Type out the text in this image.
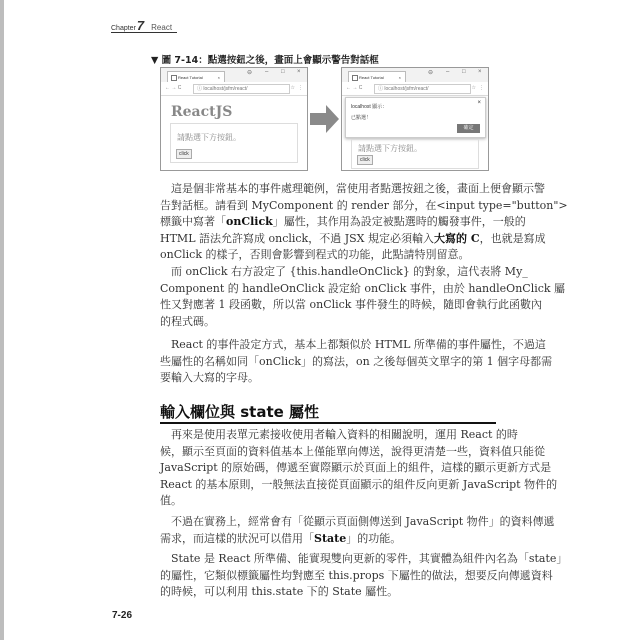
Chapter7 React
▼ 圖 7-14：點選按鈕之後，畫面上會顯示警告對話框
React Tutorial	×
⊖ – □ ×
← → C	ⓘ localhost/jsfm/react/	☆ ⋮
ReactJS
請點選下方按鈕。
click
React Tutorial	×
⊖ – □ ×
← → C	ⓘ localhost/jsfm/react/	☆ ⋮
localhost 顯示：
×
已點選！
確定
請點選下方按鈕。
click
　這是個非常基本的事件處理範例，當使用者點選按鈕之後，畫面上便會顯示警
告對話框。請看到 MyComponent 的 render 部分，在<input type="button">
標籤中寫著「onClick」屬性，其作用為設定被點選時的觸發事件，一般的
HTML 語法允許寫成 onclick，不過 JSX 規定必須輸入大寫的 C，也就是寫成
onClick 的樣子，否則會影響到程式的功能，此點請特別留意。
　而 onClick 右方設定了 {this.handleOnClick} 的對象，這代表將 My_
Component 的 handleOnClick 設定給 onClick 事件，由於 handleOnClick 屬
性又對應著 1 段函數，所以當 onClick 事件發生的時候，隨即會執行此函數內
的程式碼。
　React 的事件設定方式，基本上都類似於 HTML 所準備的事件屬性，不過這
些屬性的名稱如同「onClick」的寫法，on 之後每個英文單字的第 1 個字母都需
要輸入大寫的字母。
輸入欄位與 state 屬性
　再來是使用表單元素接收使用者輸入資料的相關說明，運用 React 的時
候，顯示至頁面的資料值基本上僅能單向傳送，說得更清楚一些，資料值只能從
JavaScript 的原始碼，傳遞至實際顯示於頁面上的組件，這樣的顯示更新方式是
React 的基本原則，一般無法直接從頁面顯示的組件反向更新 JavaScript 物件的
值。
　不過在實務上，經常會有「從顯示頁面側傳送到 JavaScript 物件」的資料傳遞
需求，而這樣的狀況可以借用「State」的功能。
　State 是 React 所準備、能實現雙向更新的零件，其實體為組件內名為「state」
的屬性，它類似標籤屬性均對應至 this.props 下屬性的做法，想要反向傳遞資料
的時候，可以利用 this.state 下的 State 屬性。
7-26
